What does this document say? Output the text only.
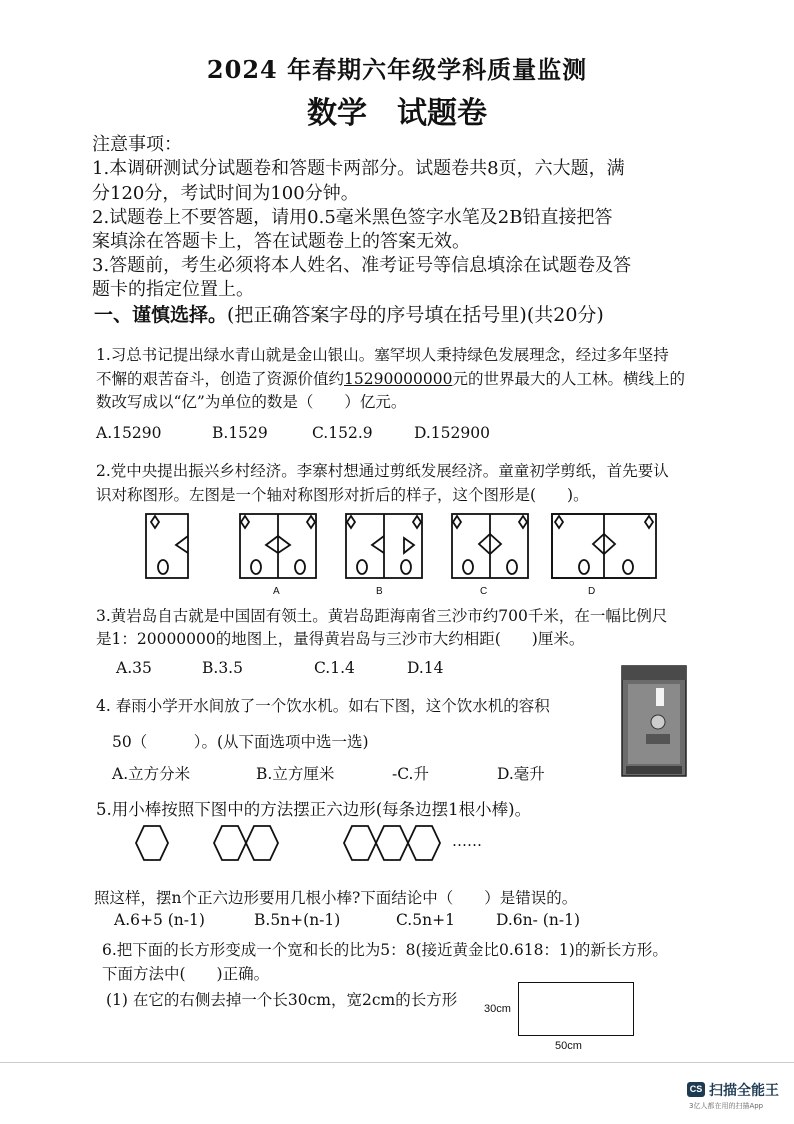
2024 年春期六年级学科质量监测
数学　试题卷
注意事项：
1.本调研测试分试题卷和答题卡两部分。试题卷共8页，六大题，满
分120分，考试时间为100分钟。
2.试题卷上不要答题，请用0.5毫米黑色签字水笔及2B铅直接把答
案填涂在答题卡上，答在试题卷上的答案无效。
3.答题前，考生必须将本人姓名、准考证号等信息填涂在试题卷及答
题卡的指定位置上。
一、谨慎选择。(把正确答案字母的序号填在括号里)(共20分)
1.习总书记提出绿水青山就是金山银山。塞罕坝人秉持绿色发展理念，经过多年坚持
不懈的艰苦奋斗，创造了资源价值约15290000000元的世界最大的人工林。横线上的
数改写成以“亿”为单位的数是（　　）亿元。
A.15290	B.1529	C.152.9	D.152900
2.党中央提出振兴乡村经济。李寨村想通过剪纸发展经济。童童初学剪纸，首先要认
识对称图形。左图是一个轴对称图形对折后的样子，这个图形是(　　)。
A	B	C	D
3.黄岩岛自古就是中国固有领土。黄岩岛距海南省三沙市约700千米，在一幅比例尺
是1：20000000的地图上，量得黄岩岛与三沙市大约相距(　　)厘米。
A.35	B.3.5	C.1.4	D.14
4. 春雨小学开水间放了一个饮水机。如右下图，这个饮水机的容积
50（　　　）。(从下面选项中选一选)
A.立方分米	B.立方厘米	-C.升	D.毫升
5.用小棒按照下图中的方法摆正六边形(每条边摆1根小棒)。
……
照这样，摆n个正六边形要用几根小棒?下面结论中（　　）是错误的。
A.6+5 (n-1)	B.5n+(n-1)	C.5n+1	D.6n- (n-1)
6.把下面的长方形变成一个宽和长的比为5：8(接近黄金比0.618：1)的新长方形。
下面方法中(　　)正确。
(1) 在它的右侧去掉一个长30cm，宽2cm的长方形 30cm
50cm
CS 扫描全能王
3亿人都在用的扫描App
